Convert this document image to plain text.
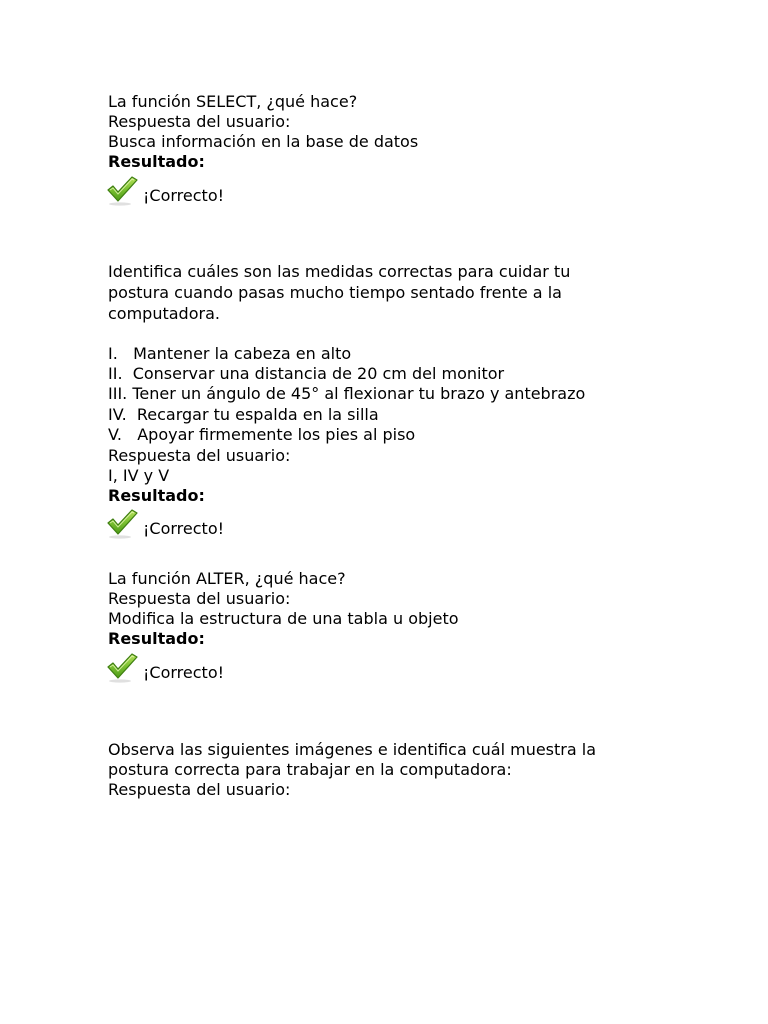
La función SELECT, ¿qué hace?
Respuesta del usuario:
Busca información en la base de datos
Resultado:
¡Correcto!
Identifica cuáles son las medidas correctas para cuidar tu
postura cuando pasas mucho tiempo sentado frente a la
computadora.
I.   Mantener la cabeza en alto
II.  Conservar una distancia de 20 cm del monitor
III. Tener un ángulo de 45° al flexionar tu brazo y antebrazo
IV.  Recargar tu espalda en la silla
V.   Apoyar firmemente los pies al piso
Respuesta del usuario:
I, IV y V
Resultado:
¡Correcto!
La función ALTER, ¿qué hace?
Respuesta del usuario:
Modifica la estructura de una tabla u objeto
Resultado:
¡Correcto!
Observa las siguientes imágenes e identifica cuál muestra la
postura correcta para trabajar en la computadora:
Respuesta del usuario:
